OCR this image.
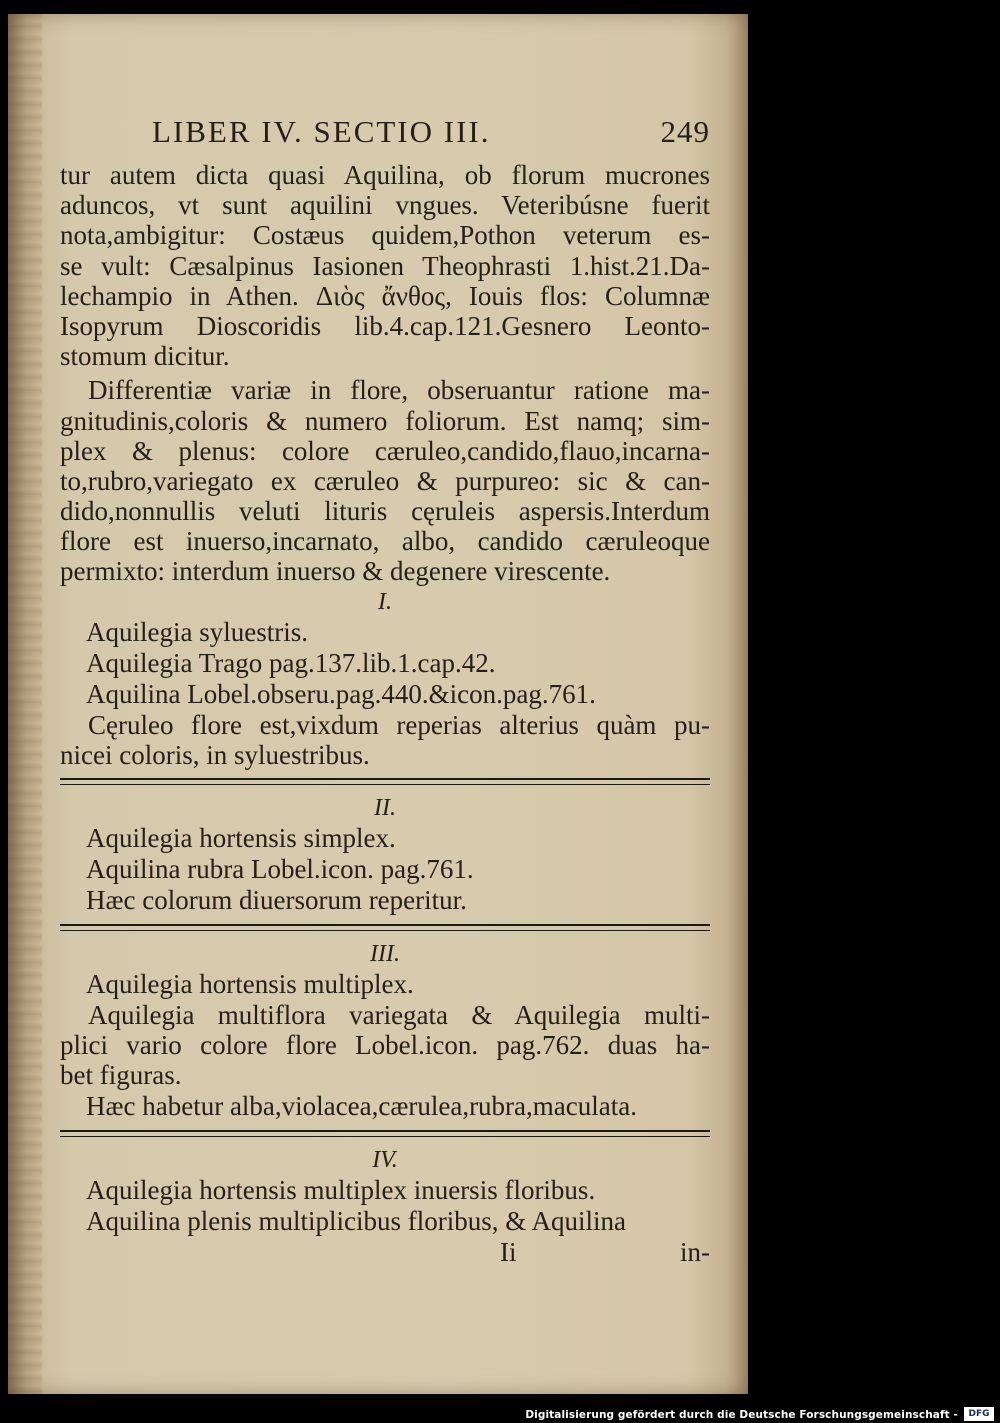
LIBER IV. SECTIO III.	249
tur autem dicta quasi Aquilina, ob florum mucrones
aduncos, vt sunt aquilini vngues. Veteribúsne fuerit
nota,ambigitur: Costæus quidem,Pothon veterum es-
se vult: Cæsalpinus Iasionen Theophrasti 1.hist.21.Da-
lechampio in Athen. Διὸς ἄνθος, Iouis flos: Columnæ
Isopyrum Dioscoridis lib.4.cap.121.Gesnero Leonto-
stomum dicitur.
Differentiæ variæ in flore, obseruantur ratione ma-
gnitudinis,coloris & numero foliorum. Est namq; sim-
plex & plenus: colore cæruleo,candido,flauo,incarna-
to,rubro,variegato ex cæruleo & purpureo: sic & can-
dido,nonnullis veluti lituris cęruleis aspersis.Interdum
flore est inuerso,incarnato, albo, candido cæruleoque
permixto: interdum inuerso & degenere virescente.
I.
Aquilegia syluestris.
Aquilegia Trago pag.137.lib.1.cap.42.
Aquilina Lobel.obseru.pag.440.&icon.pag.761.
Cęruleo flore est,vixdum reperias alterius quàm pu-
nicei coloris, in syluestribus.
II.
Aquilegia hortensis simplex.
Aquilina rubra Lobel.icon. pag.761.
Hæc colorum diuersorum reperitur.
III.
Aquilegia hortensis multiplex.
Aquilegia multiflora variegata & Aquilegia multi-
plici vario colore flore Lobel.icon. pag.762. duas ha-
bet figuras.
Hæc habetur alba,violacea,cærulea,rubra,maculata.
IV.
Aquilegia hortensis multiplex inuersis floribus.
Aquilina plenis multiplicibus floribus, & Aquilina
Ii	in-
Digitalisierung gefördert durch die Deutsche Forschungsgemeinschaft -	DFG
